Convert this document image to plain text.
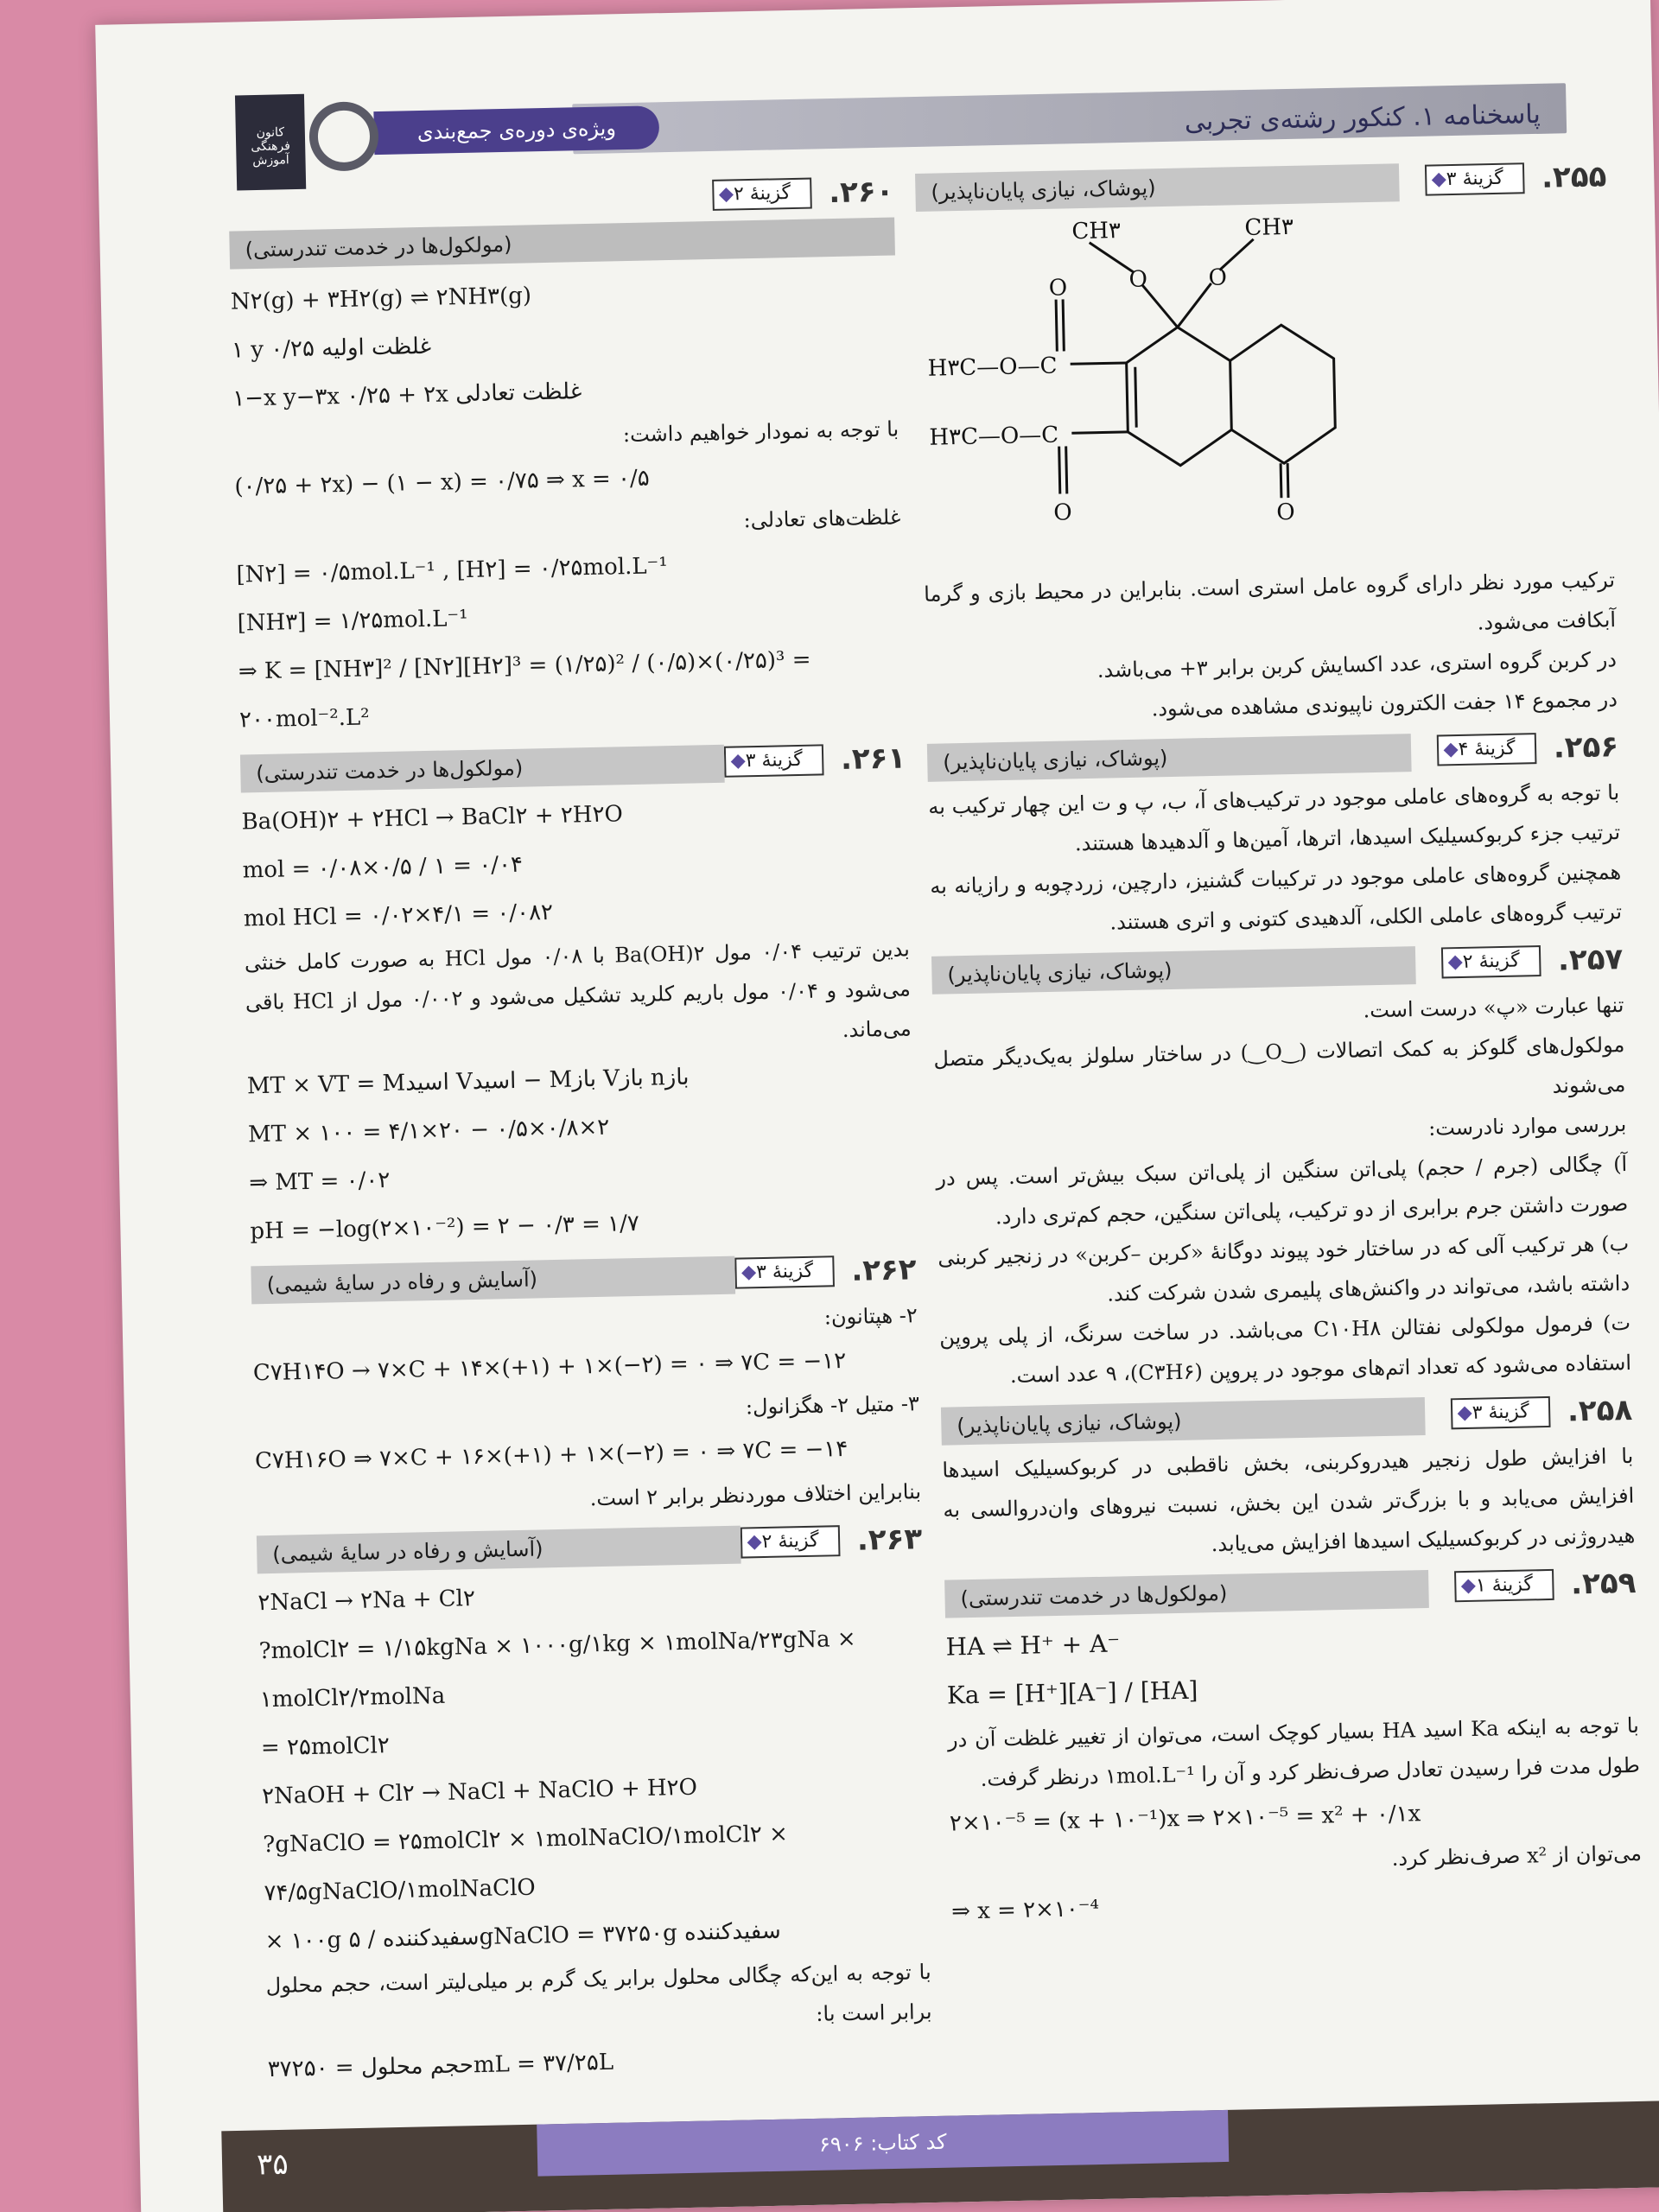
پاسخنامه ۱. کنکور رشته‌ی تجربی
ویژه‌ی دوره‌ی جمع‌بندی
کانون فرهنگی آموزش	۲۵۵.
گزینهٔ ۳
(پوشاک، نیازی پایان‌ناپذیر)
CH۳	CH۳
O	O
O
O	O
H۳C—O—C
H۳C—O—C
ترکیب مورد نظر دارای گروه عامل استری است. بنابراین در محیط بازی و گرما آبکافت می‌شود.
در کربن گروه استری، عدد اکسایش کربن برابر ۳+ می‌باشد.
در مجموع ۱۴ جفت الکترون ناپیوندی مشاهده می‌شود.
۲۵۶.
گزینهٔ ۴
(پوشاک، نیازی پایان‌ناپذیر)
با توجه به گروه‌های عاملی موجود در ترکیب‌های آ، ب، پ و ت این چهار ترکیب به ترتیب جزء کربوکسیلیک اسیدها، اترها، آمین‌ها و آلدهیدها هستند.
همچنین گروه‌های عاملی موجود در ترکیبات گشنیز، دارچین، زردچوبه و رازیانه به ترتیب گروه‌های عاملی الکلی، آلدهیدی کتونی و اتری هستند.
۲۵۷.
گزینهٔ ۲
(پوشاک، نیازی پایان‌ناپذیر)
تنها عبارت «پ» درست است.
مولکول‌های گلوکز به کمک اتصالات (‿O‿) در ساختار سلولز به‌یک‌دیگر متصل می‌شوند
بررسی موارد نادرست:
آ) چگالی (جرم / حجم) پلی‌اتن سنگین از پلی‌اتن سبک بیش‌تر است. پس در صورت داشتن جرم برابری از دو ترکیب، پلی‌اتن سنگین، حجم کم‌تری دارد.
ب) هر ترکیب آلی که در ساختار خود پیوند دوگانهٔ «کربن –کربن» در زنجیر کربنی داشته باشد، می‌تواند در واکنش‌های پلیمری شدن شرکت کند.
ت) فرمول مولکولی نفتالن C۱۰H۸ می‌باشد. در ساخت سرنگ، از پلی پروپن استفاده می‌شود که تعداد اتم‌های موجود در پروپن (C۳H۶)، ۹ عدد است.
۲۵۸.
گزینهٔ ۳
(پوشاک، نیازی پایان‌ناپذیر)
با افزایش طول زنجیر هیدروکربنی، بخش ناقطبی در کربوکسیلیک اسیدها افزایش می‌یابد و با بزرگ‌تر شدن این بخش، نسبت نیروهای وان‌دروالسی به هیدروژنی در کربوکسیلیک اسیدها افزایش می‌یابد.
۲۵۹.
گزینهٔ ۱
(مولکول‌ها در خدمت تندرستی)
HA ⇌ H⁺ + A⁻
Ka = [H⁺][A⁻] / [HA]
با توجه به اینکه Ka اسید HA بسیار کوچک است، می‌توان از تغییر غلظت آن در طول مدت فرا رسیدن تعادل صرف‌نظر کرد و آن را ۱mol.L⁻¹ درنظر گرفت.
۲×۱۰⁻⁵ = (x + ۱۰⁻¹)x ⇒ ۲×۱۰⁻⁵ = x² + ۰/۱x
می‌توان از x² صرف‌نظر کرد.
⇒ x = ۲×۱۰⁻⁴
۲۶۰.
گزینهٔ ۲
(مولکول‌ها در خدمت تندرستی)
N۲(g) + ۳H۲(g) ⇌ ۲NH۳(g)
۱ y ۰/۲۵ غلظت اولیه
۱−x y−۳x ۰/۲۵ + ۲x غلظت تعادلی
با توجه به نمودار خواهیم داشت:
(۰/۲۵ + ۲x) − (۱ − x) = ۰/۷۵ ⇒ x = ۰/۵
غلظت‌های تعادلی:
[N۲] = ۰/۵mol.L⁻¹ , [H۲] = ۰/۲۵mol.L⁻¹
[NH۳] = ۱/۲۵mol.L⁻¹
⇒ K = [NH۳]² / [N۲][H۲]³ = (۱/۲۵)² / (۰/۵)×(۰/۲۵)³ = ۲۰۰mol⁻².L²
۲۶۱.
گزینهٔ ۳
(مولکول‌ها در خدمت تندرستی)
Ba(OH)۲ + ۲HCl → BaCl۲ + ۲H۲O
mol = ۰/۰۸×۰/۵ / ۱ = ۰/۰۴
mol HCl = ۰/۰۲×۴/۱ = ۰/۰۸۲
بدین ترتیب ۰/۰۴ مول Ba(OH)۲ با ۰/۰۸ مول HCl به صورت کامل خنثی می‌شود و ۰/۰۴ مول باریم کلرید تشکیل می‌شود و ۰/۰۰۲ مول از HCl باقی می‌ماند.
MT × VT = Mاسید Vاسید − Mباز Vباز nباز
MT × ۱۰۰ = ۴/۱×۲۰ − ۰/۵×۰/۸×۲
⇒ MT = ۰/۰۲
pH = −log(۲×۱۰⁻²) = ۲ − ۰/۳ = ۱/۷
۲۶۲.
گزینهٔ ۳
(آسایش و رفاه در سایهٔ شیمی)
۲- هپتانون:
C۷H۱۴O → ۷×C + ۱۴×(+۱) + ۱×(−۲) = ۰ ⇒ ۷C = −۱۲
۳- متیل ۲- هگزانول:
C۷H۱۶O ⇒ ۷×C + ۱۶×(+۱) + ۱×(−۲) = ۰ ⇒ ۷C = −۱۴
بنابراین اختلاف موردنظر برابر ۲ است.
۲۶۳.
گزینهٔ ۲
(آسایش و رفاه در سایهٔ شیمی)
۲NaCl → ۲Na + Cl۲
?molCl۲ = ۱/۱۵kgNa × ۱۰۰۰g/۱kg × ۱molNa/۲۳gNa × ۱molCl۲/۲molNa
= ۲۵molCl۲
۲NaOH + Cl۲ → NaCl + NaClO + H۲O
?gNaClO = ۲۵molCl۲ × ۱molNaClO/۱molCl۲ × ۷۴/۵gNaClO/۱molNaClO
× ۱۰۰g سفیدکننده / ۵gNaClO = ۳۷۲۵۰g سفیدکننده
با توجه به این‌که چگالی محلول برابر یک گرم بر میلی‌لیتر است، حجم محلول برابر است با:
حجم محلول = ۳۷۲۵۰mL = ۳۷/۲۵L
۳۵
کد کتاب: ۶۹۰۶
